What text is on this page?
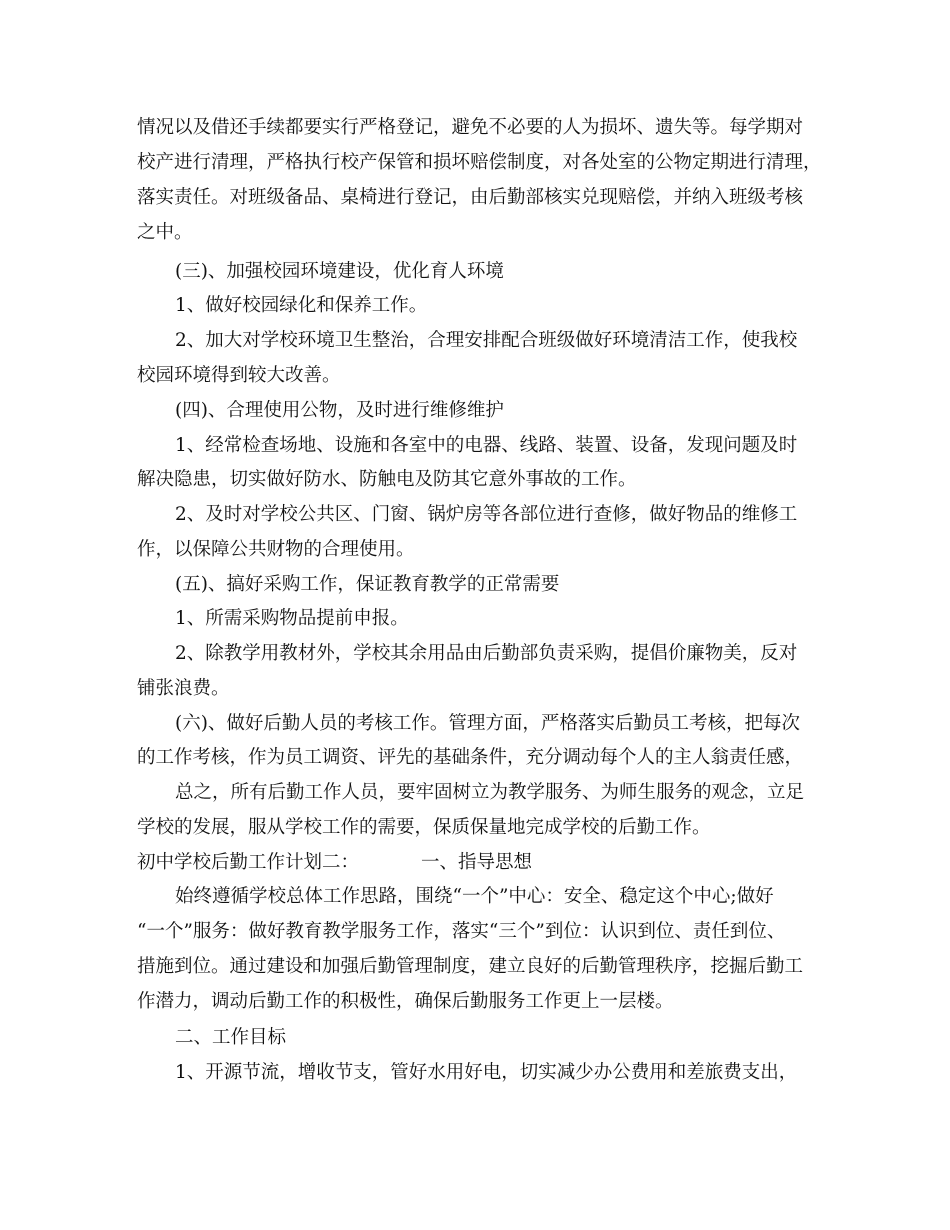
情况以及借还手续都要实行严格登记，避免不必要的人为损坏、遗失等。每学期对
校产进行清理，严格执行校产保管和损坏赔偿制度，对各处室的公物定期进行清理，
落实责任。对班级备品、桌椅进行登记，由后勤部核实兑现赔偿，并纳入班级考核
之中。
(三)、加强校园环境建设，优化育人环境
1、做好校园绿化和保养工作。
2、加大对学校环境卫生整治，合理安排配合班级做好环境清洁工作，使我校
校园环境得到较大改善。
(四)、合理使用公物，及时进行维修维护
1、经常检查场地、设施和各室中的电器、线路、装置、设备，发现问题及时
解决隐患，切实做好防水、防触电及防其它意外事故的工作。
2、及时对学校公共区、门窗、锅炉房等各部位进行查修，做好物品的维修工
作，以保障公共财物的合理使用。
(五)、搞好采购工作，保证教育教学的正常需要
1、所需采购物品提前申报。
2、除教学用教材外，学校其余用品由后勤部负责采购，提倡价廉物美，反对
铺张浪费。
(六)、做好后勤人员的考核工作。管理方面，严格落实后勤员工考核，把每次
的工作考核，作为员工调资、评先的基础条件，充分调动每个人的主人翁责任感，
总之，所有后勤工作人员，要牢固树立为教学服务、为师生服务的观念，立足
学校的发展，服从学校工作的需要，保质保量地完成学校的后勤工作。
初中学校后勤工作计划二：	一、指导思想
始终遵循学校总体工作思路，围绕“一个”中心：安全、稳定这个中心;做好
“一个”服务：做好教育教学服务工作，落实“三个”到位：认识到位、责任到位、
措施到位。通过建设和加强后勤管理制度，建立良好的后勤管理秩序，挖掘后勤工
作潜力，调动后勤工作的积极性，确保后勤服务工作更上一层楼。
二、工作目标
1、开源节流，增收节支，管好水用好电，切实减少办公费用和差旅费支出，
